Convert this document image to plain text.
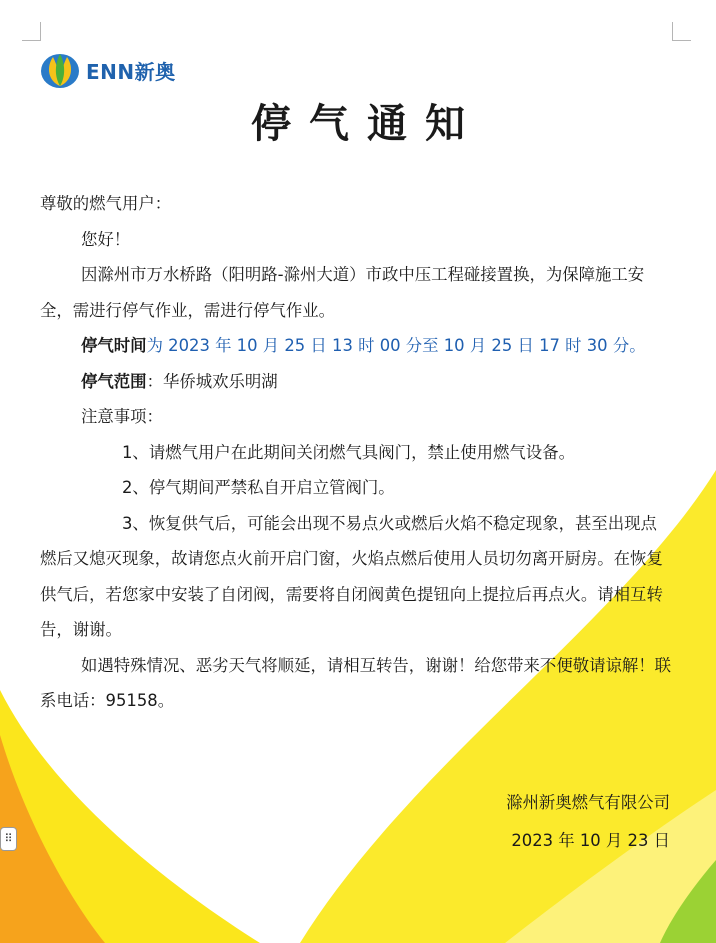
ENN新奥
停气通知

尊敬的燃气用户：

您好！

因滁州市万水桥路（阳明路-滁州大道）市政中压工程碰接置换，为保障施工安全，需进行停气作业，需进行停气作业。

停气时间为 2023 年 10 月 25 日 13 时 00 分至 10 月 25 日 17 时 30 分。

停气范围：华侨城欢乐明湖

注意事项：

1、请燃气用户在此期间关闭燃气具阀门，禁止使用燃气设备。

2、停气期间严禁私自开启立管阀门。

3、恢复供气后，可能会出现不易点火或燃后火焰不稳定现象，甚至出现点燃后又熄灭现象，故请您点火前开启门窗，火焰点燃后使用人员切勿离开厨房。在恢复供气后，若您家中安装了自闭阀，需要将自闭阀黄色提钮向上提拉后再点火。请相互转告，谢谢。

如遇特殊情况、恶劣天气将顺延，请相互转告，谢谢！给您带来不便敬请谅解！联系电话：95158。

滁州新奥燃气有限公司
2023 年 10 月 23 日
⠿
